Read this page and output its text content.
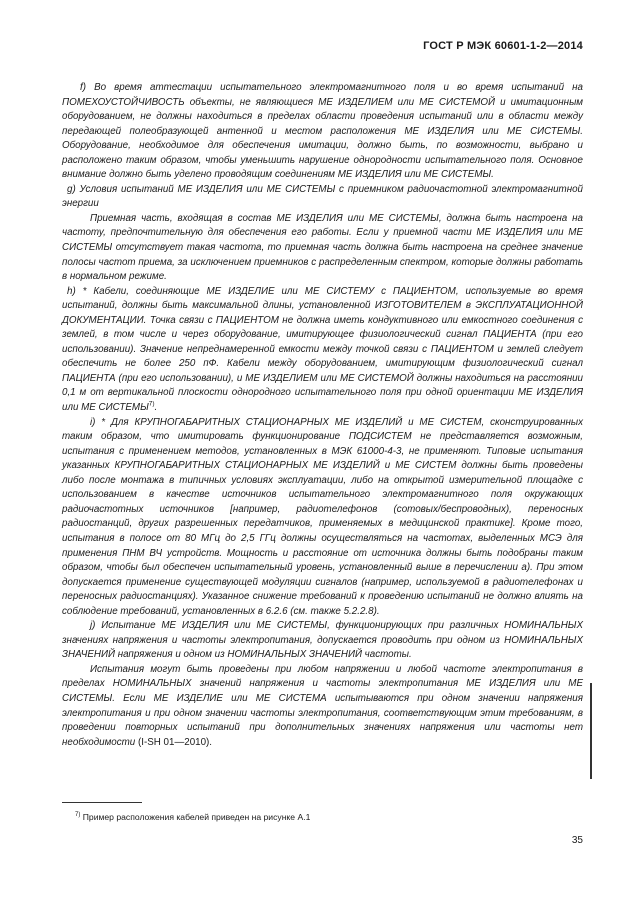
ГОСТ Р МЭК 60601-1-2—2014

f) Во время аттестации испытательного электромагнитного поля и во время испытаний на ПОМЕХОУСТОЙЧИВОСТЬ объекты, не являющиеся МЕ ИЗДЕЛИЕМ или МЕ СИСТЕМОЙ и имитационным оборудованием, не должны находиться в пределах области проведения испытаний или в области между передающей полеобразующей антенной и местом расположения МЕ ИЗДЕЛИЯ или МЕ СИСТЕМЫ. Оборудование, необходимое для обеспечения имитации, должно быть, по возможности, выбрано и расположено таким образом, чтобы уменьшить нарушение однородности испытательного поля. Основное внимание должно быть уделено проводящим соединениям МЕ ИЗДЕЛИЯ или МЕ СИСТЕМЫ.

g) Условия испытаний МЕ ИЗДЕЛИЯ или МЕ СИСТЕМЫ с приемником радиочастотной электромагнитной энергии

Приемная часть, входящая в состав МЕ ИЗДЕЛИЯ или МЕ СИСТЕМЫ, должна быть настроена на частоту, предпочтительную для обеспечения его работы. Если у приемной части МЕ ИЗДЕЛИЯ или МЕ СИСТЕМЫ отсутствует такая частота, то приемная часть должна быть настроена на среднее значение полосы частот приема, за исключением приемников с распределенным спектром, которые должны работать в нормальном режиме.

h) * Кабели, соединяющие МЕ ИЗДЕЛИЕ или МЕ СИСТЕМУ с ПАЦИЕНТОМ, используемые во время испытаний, должны быть максимальной длины, установленной ИЗГОТОВИТЕЛЕМ в ЭКСПЛУАТАЦИОННОЙ ДОКУМЕНТАЦИИ. Точка связи с ПАЦИЕНТОМ не должна иметь кондуктивного или емкостного соединения с землей, в том числе и через оборудование, имитирующее физиологический сигнал ПАЦИЕНТА (при его использовании). Значение непреднамеренной емкости между точкой связи с ПАЦИЕНТОМ и землей следует обеспечить не более 250 пФ. Кабели между оборудованием, имитирующим физиологический сигнал ПАЦИЕНТА (при его использовании), и МЕ ИЗДЕЛИЕМ или МЕ СИСТЕМОЙ должны находиться на расстоянии 0,1 м от вертикальной плоскости однородного испытательного поля при одной ориентации МЕ ИЗДЕЛИЯ или МЕ СИСТЕМЫ$^{7)}$.

i) * Для КРУПНОГАБАРИТНЫХ СТАЦИОНАРНЫХ МЕ ИЗДЕЛИЙ и МЕ СИСТЕМ, сконструированных таким образом, что имитировать функционирование ПОДСИСТЕМ не представляется возможным, испытания с применением методов, установленных в МЭК 61000-4-3, не применяют. Типовые испытания указанных КРУПНОГАБАРИТНЫХ СТАЦИОНАРНЫХ МЕ ИЗДЕЛИЙ и МЕ СИСТЕМ должны быть проведены либо после монтажа в типичных условиях эксплуатации, либо на открытой измерительной площадке с использованием в качестве источников испытательного электромагнитного поля окружающих радиочастотных источников [например, радиотелефонов (сотовых/беспроводных), переносных радиостанций, других разрешенных передатчиков, применяемых в медицинской практике]. Кроме того, испытания в полосе от 80 МГц до 2,5 ГГц должны осуществляться на частотах, выделенных МСЭ для применения ПНМ ВЧ устройств. Мощность и расстояние от источника должны быть подобраны таким образом, чтобы был обеспечен испытательный уровень, установленный выше в перечислении а). При этом допускается применение существующей модуляции сигналов (например, используемой в радиотелефонах и переносных радиостанциях). Указанное снижение требований к проведению испытаний не должно влиять на соблюдение требований, установленных в 6.2.6 (см. также 5.2.2.8).

j) Испытание МЕ ИЗДЕЛИЯ или МЕ СИСТЕМЫ, функционирующих при различных НОМИНАЛЬНЫХ значениях напряжения и частоты электропитания, допускается проводить при одном из НОМИНАЛЬНЫХ ЗНАЧЕНИЙ напряжения и одном из НОМИНАЛЬНЫХ ЗНАЧЕНИЙ частоты.

Испытания могут быть проведены при любом напряжении и любой частоте электропитания в пределах НОМИНАЛЬНЫХ значений напряжения и частоты электропитания МЕ ИЗДЕЛИЯ или МЕ СИСТЕМЫ. Если МЕ ИЗДЕЛИЕ или МЕ СИСТЕМА испытываются при одном значении напряжения электропитания и при одном значении частоты электропитания, соответствующим этим требованиям, в проведении повторных испытаний при дополнительных значениях напряжения или частоты нет необходимости (I-SH 01—2010).

$^{7)}$ Пример расположения кабелей приведен на рисунке А.1
35
